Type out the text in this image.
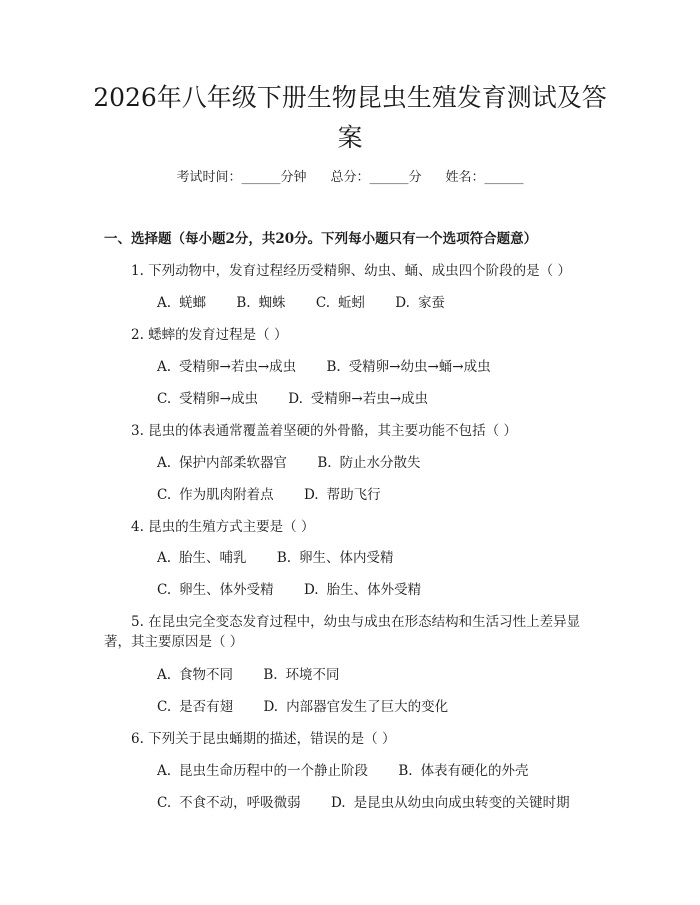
2026年八年级下册生物昆虫生殖发育测试及答案
考试时间：______分钟 总分：______分 姓名：______
一、选择题（每小题2分，共20分。下列每小题只有一个选项符合题意）

1. 下列动物中，发育过程经历受精卵、幼虫、蛹、成虫四个阶段的是（ ）

A. 蜣螂 B. 蜘蛛 C. 蚯蚓 D. 家蚕

2. 蟋蟀的发育过程是（ ）

A. 受精卵→若虫→成虫 B. 受精卵→幼虫→蛹→成虫
C. 受精卵→成虫 D. 受精卵→若虫→成虫

3. 昆虫的体表通常覆盖着坚硬的外骨骼，其主要功能不包括（ ）

A. 保护内部柔软器官 B. 防止水分散失
C. 作为肌肉附着点 D. 帮助飞行

4. 昆虫的生殖方式主要是（ ）

A. 胎生、哺乳 B. 卵生、体内受精
C. 卵生、体外受精 D. 胎生、体外受精

5. 在昆虫完全变态发育过程中，幼虫与成虫在形态结构和生活习性上差异显著，其主要原因是（ ）

A. 食物不同 B. 环境不同
C. 是否有翅 D. 内部器官发生了巨大的变化

6. 下列关于昆虫蛹期的描述，错误的是（ ）

A. 昆虫生命历程中的一个静止阶段 B. 体表有硬化的外壳
C. 不食不动，呼吸微弱 D. 是昆虫从幼虫向成虫转变的关键时期
